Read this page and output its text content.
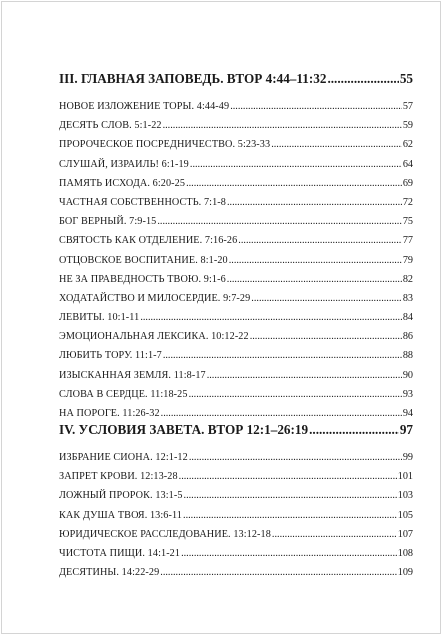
III. ГЛАВНАЯ ЗАПОВЕДЬ. ВТОР 4:44–11:32 .....	55
НОВОЕ ИЗЛОЖЕНИЕ ТОРЫ. 4:44-49 .....	57
ДЕСЯТЬ СЛОВ. 5:1-22 .....	59
ПРОРОЧЕСКОЕ ПОСРЕДНИЧЕСТВО. 5:23-33 .....	62
СЛУШАЙ, ИЗРАИЛЬ! 6:1-19 .....	64
ПАМЯТЬ ИСХОДА. 6:20-25 .....	69
ЧАСТНАЯ СОБСТВЕННОСТЬ. 7:1-8 .....	72
БОГ ВЕРНЫЙ. 7:9-15 .....	75
СВЯТОСТЬ КАК ОТДЕЛЕНИЕ. 7:16-26 .....	77
ОТЦОВСКОЕ ВОСПИТАНИЕ. 8:1-20 .....	79
НЕ ЗА ПРАВЕДНОСТЬ ТВОЮ. 9:1-6 .....	82
ХОДАТАЙСТВО И МИЛОСЕРДИЕ. 9:7-29 .....	83
ЛЕВИТЫ. 10:1-11 .....	84
ЭМОЦИОНАЛЬНАЯ ЛЕКСИКА. 10:12-22 .....	86
ЛЮБИТЬ ТОРУ. 11:1-7 .....	88
ИЗЫСКАННАЯ ЗЕМЛЯ. 11:8-17 .....	90
СЛОВА В СЕРДЦЕ. 11:18-25 .....	93
НА ПОРОГЕ. 11:26-32 .....	94
IV. УСЛОВИЯ ЗАВЕТА. ВТОР 12:1–26:19 .....	97
ИЗБРАНИЕ СИОНА. 12:1-12 .....	99
ЗАПРЕТ КРОВИ. 12:13-28 .....	101
ЛОЖНЫЙ ПРОРОК. 13:1-5 .....	103
КАК ДУША ТВОЯ. 13:6-11 .....	105
ЮРИДИЧЕСКОЕ РАССЛЕДОВАНИЕ. 13:12-18 .....	107
ЧИСТОТА ПИЩИ. 14:1-21 .....	108
ДЕСЯТИНЫ. 14:22-29 .....	109
